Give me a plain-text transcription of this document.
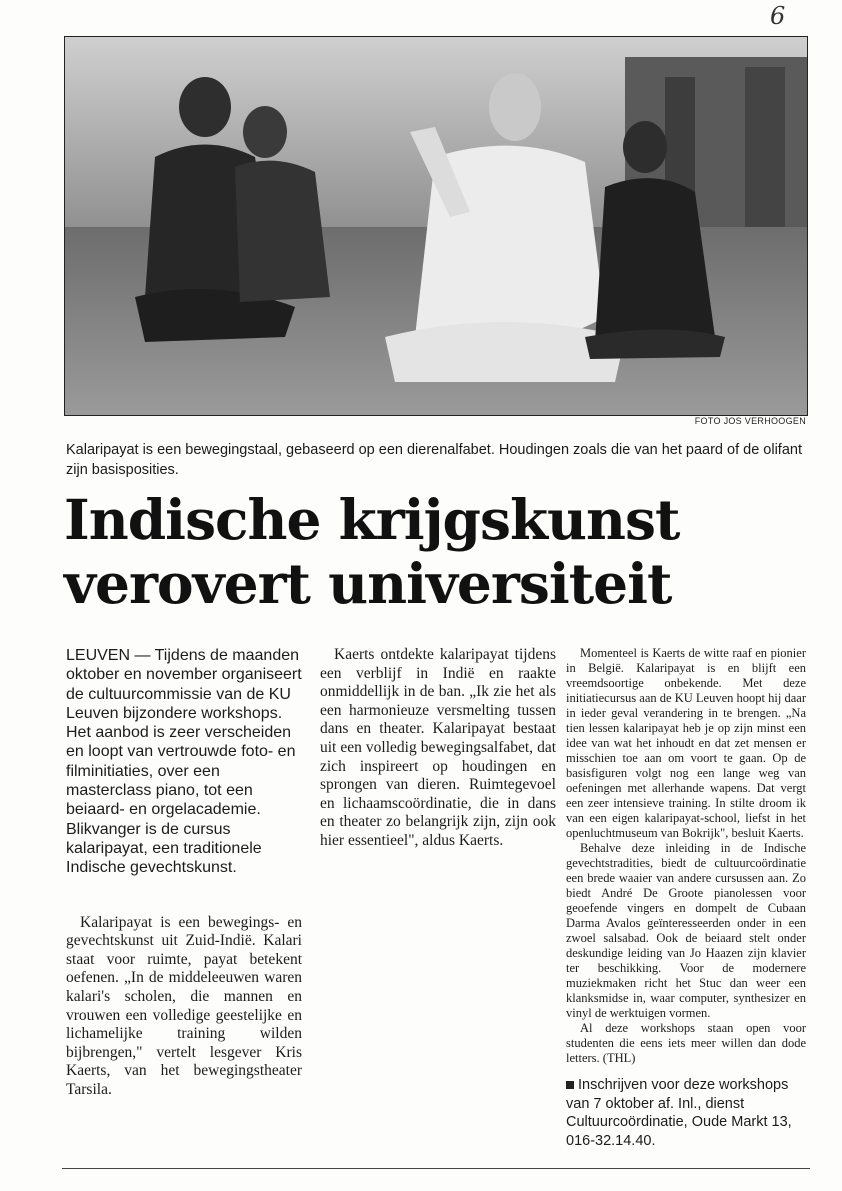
6
FOTO JOS VERHOOGEN
Kalaripayat is een bewegingstaal, gebaseerd op een dierenalfabet. Houdingen zoals die van het paard of de olifant zijn basisposities.
Indische krijgskunst
verovert universiteit

LEUVEN — Tijdens de maanden oktober en november organiseert de cultuurcommissie van de KU Leuven bijzondere workshops. Het aanbod is zeer verscheiden en loopt van vertrouwde foto- en filminitiaties, over een masterclass piano, tot een beiaard- en orgelacademie. Blikvanger is de cursus kalaripayat, een traditionele Indische gevechtskunst.

Kalaripayat is een bewegings- en gevechtskunst uit Zuid-Indië. Kalari staat voor ruimte, payat betekent oefenen. „In de middeleeuwen waren kalari's scholen, die mannen en vrouwen een volledige geestelijke en lichamelijke training wilden bijbrengen," vertelt lesgever Kris Kaerts, van het bewegingstheater Tarsila.

Kaerts ontdekte kalaripayat tijdens een verblijf in Indië en raakte onmiddellijk in de ban. „Ik zie het als een harmonieuze versmelting tussen dans en theater. Kalaripayat bestaat uit een volledig bewegingsalfabet, dat zich inspireert op houdingen en sprongen van dieren. Ruimtegevoel en lichaamscoördinatie, die in dans en theater zo belangrijk zijn, zijn ook hier essentieel", aldus Kaerts.

Momenteel is Kaerts de witte raaf en pionier in België. Kalaripayat is en blijft een vreemdsoortige onbekende. Met deze initiatiecursus aan de KU Leuven hoopt hij daar in ieder geval verandering in te brengen. „Na tien lessen kalaripayat heb je op zijn minst een idee van wat het inhoudt en dat zet mensen er misschien toe aan om voort te gaan. Op de basisfiguren volgt nog een lange weg van oefeningen met allerhande wapens. Dat vergt een zeer intensieve training. In stilte droom ik van een eigen kalaripayat-school, liefst in het openluchtmuseum van Bokrijk", besluit Kaerts.

Behalve deze inleiding in de Indische gevechtstradities, biedt de cultuurcoördinatie een brede waaier van andere cursussen aan. Zo biedt André De Groote pianolessen voor geoefende vingers en dompelt de Cubaan Darma Avalos geïnteresseerden onder in een zwoel salsabad. Ook de beiaard stelt onder deskundige leiding van Jo Haazen zijn klavier ter beschikking. Voor de modernere muziekmaken richt het Stuc dan weer een klanksmidse in, waar computer, synthesizer en vinyl de werktuigen vormen.

Al deze workshops staan open voor studenten die eens iets meer willen dan dode letters. (THL)

Inschrijven voor deze workshops van 7 oktober af. Inl., dienst Cultuurcoördinatie, Oude Markt 13, 016-32.14.40.
